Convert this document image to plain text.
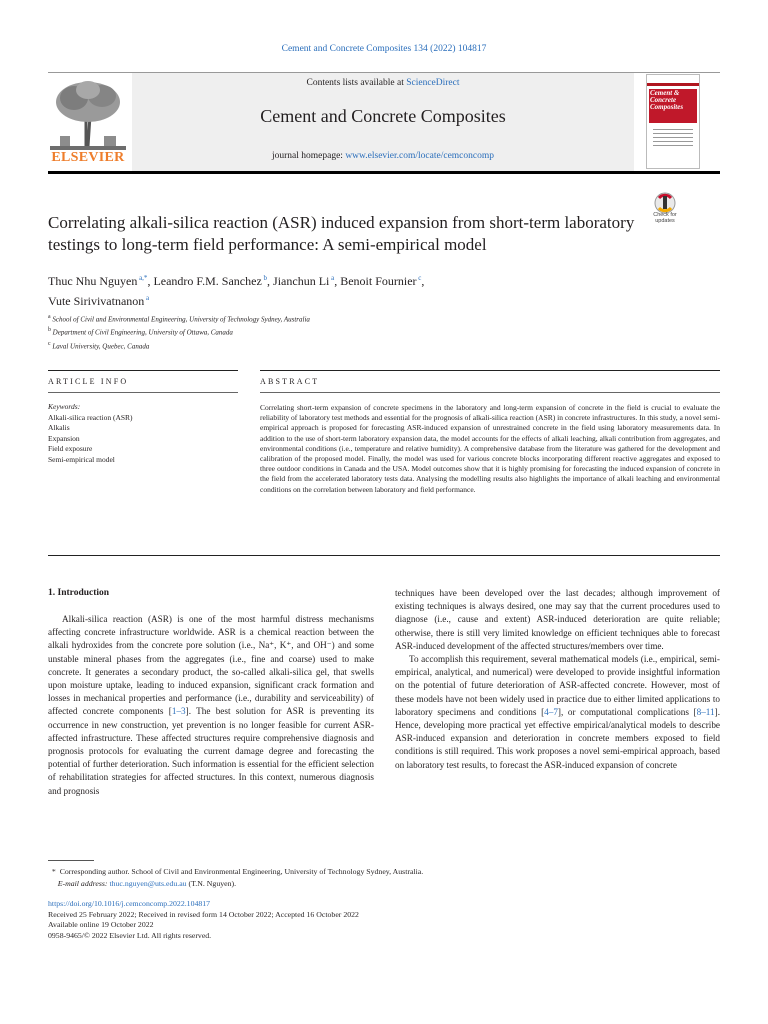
Cement and Concrete Composites 134 (2022) 104817
ELSEVIER
Contents lists available at ScienceDirect
Cement and Concrete Composites
journal homepage: www.elsevier.com/locate/cemconcomp
Cement & Concrete Composites
Correlating alkali-silica reaction (ASR) induced expansion from short-term laboratory testings to long-term field performance: A semi-empirical model
Check for updates
Thuc Nhu Nguyen $^{a,*}$, Leandro F.M. Sanchez $^b$, Jianchun Li $^a$, Benoit Fournier $^c$,
Vute Sirivivatnanon $^a$
$^a$ School of Civil and Environmental Engineering, University of Technology Sydney, Australia
$^b$ Department of Civil Engineering, University of Ottawa, Canada
$^c$ Laval University, Quebec, Canada
ARTICLE INFO	ABSTRACT
Keywords:
Alkali-silica reaction (ASR)
Alkalis
Expansion
Field exposure
Semi-empirical model
Correlating short-term expansion of concrete specimens in the laboratory and long-term expansion of concrete in the field is crucial to evaluate the reliability of laboratory test methods and essential for the prognosis of alkali-silica reaction (ASR) in concrete infrastructures. In this study, a novel semi-empirical approach is proposed for forecasting ASR-induced expansion of unrestrained concrete in the field using laboratory measurements data. In addition to the use of short-term laboratory expansion data, the model accounts for the effects of alkali leaching, alkali contribution from aggregates, and environmental conditions (i.e., temperature and relative humidity). A comprehensive database from the literature was gathered for the development and calibration of the proposed model. Finally, the model was used for various concrete blocks incorporating different reactive aggregates and exposed to three outdoor conditions in Canada and the USA. Model outcomes show that it is highly promising for forecasting the induced expansion of concrete in the field from the accelerated laboratory tests data. Analysing the modelling results also highlights the importance of alkali leaching and environmental conditions on the correlation between laboratory and field performance.
1. Introduction

Alkali-silica reaction (ASR) is one of the most harmful distress mechanisms affecting concrete infrastructure worldwide. ASR is a chemical reaction between the alkali hydroxides from the concrete pore solution (i.e., Na⁺, K⁺, and OH⁻) and some unstable mineral phases from the aggregates (i.e., fine and coarse) used to make concrete. It generates a secondary product, the so-called alkali-silica gel, that swells upon moisture uptake, leading to induced expansion, significant crack formation and losses in mechanical properties and performance (i.e., durability and serviceability) of affected concrete components [1–3]. The best solution for ASR is preventing its occurrence in new construction, yet prevention is no longer feasible for current ASR-affected infrastructure. These affected structures require comprehensive diagnosis and prognosis protocols for evaluating the current damage degree and forecasting the potential of further deterioration. Such information is essential for the efficient selection of rehabilitation strategies for affected structures. In this context, numerous diagnosis and prognosis

techniques have been developed over the last decades; although improvement of existing techniques is always desired, one may say that the current procedures used to diagnose (i.e., cause and extent) ASR-induced deterioration are quite reliable; otherwise, there is still very limited knowledge on efficient techniques able to forecast ASR-induced development of the affected structures/members over time.

To accomplish this requirement, several mathematical models (i.e., empirical, semi-empirical, analytical, and numerical) were developed to provide insightful information on the potential of future deterioration of ASR-affected concrete. However, most of these models have not been widely used in practice due to either limited applications to laboratory specimens and conditions [4–7], or computational complications [8–11]. Hence, developing more practical yet effective empirical/analytical models to describe ASR-induced expansion and deterioration in concrete members exposed to field conditions is still required. This work proposes a novel semi-empirical approach, based on laboratory test results, to forecast the ASR-induced expansion of concrete

*  Corresponding author. School of Civil and Environmental Engineering, University of Technology Sydney, Australia.
E-mail address: thuc.nguyen@uts.edu.au (T.N. Nguyen).
https://doi.org/10.1016/j.cemconcomp.2022.104817
Received 25 February 2022; Received in revised form 14 October 2022; Accepted 16 October 2022
Available online 19 October 2022
0958-9465/© 2022 Elsevier Ltd. All rights reserved.
